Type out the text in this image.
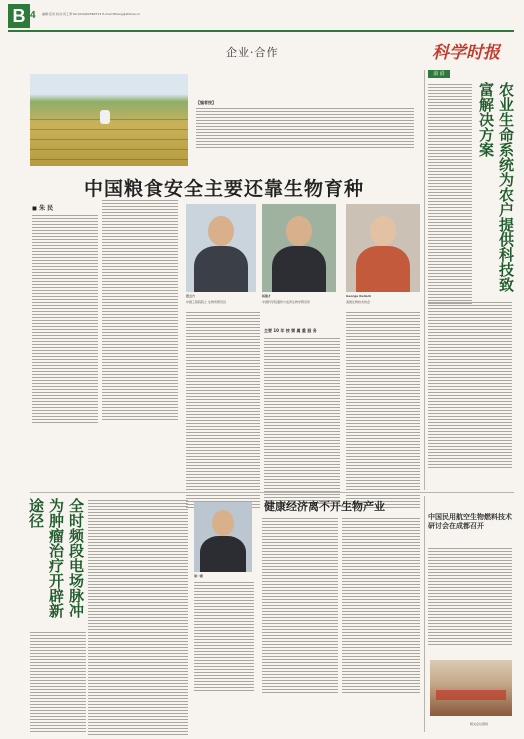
B 4 编辑:张凤 校对:何工秀 Tel:(010)62580713 E-mail:fzhang@stimes.cn
企业·合作	科学时报
【编者按】
中国粮食安全主要还靠生物育种
◼ 朱 民
范云六
中国工程院院士 生物所研究员
杨维才
中国科学院遗传与发育生物学研究所
George Kellerk
美国生物技术协会
主要 10 年 按 频 属 重 服 务
前 沿
农业生命系统为农户提供科技致富解决方案
全时频段电场脉冲 为肿瘤治疗开辟新途径	健康经济离不开生物产业
周一朝
中国民用航空生物燃料技术研讨会在成都召开
相关会议现场
